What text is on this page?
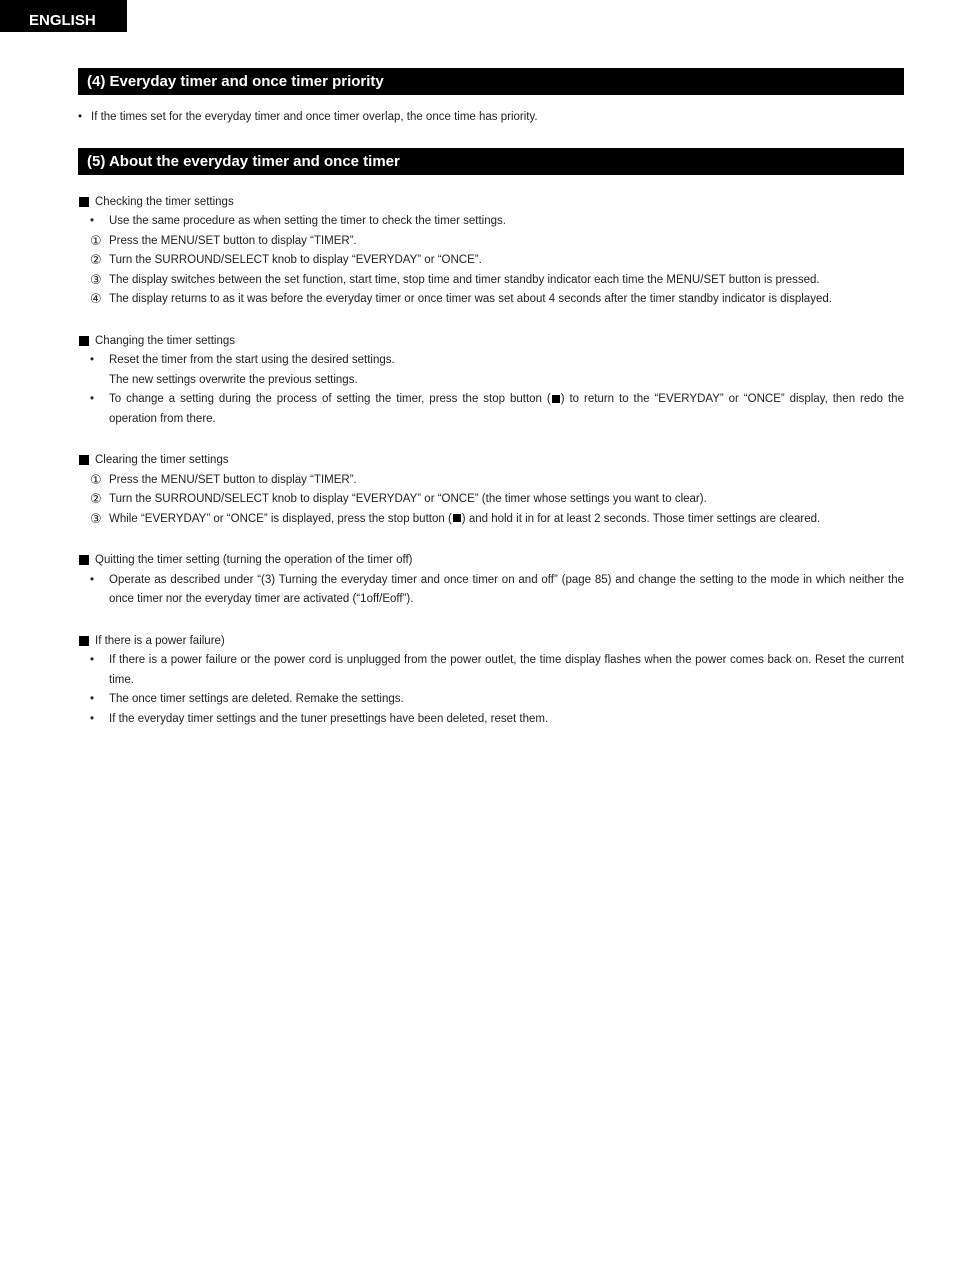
ENGLISH
(4) Everyday timer and once timer priority
• If the times set for the everyday timer and once timer overlap, the once time has priority.
(5) About the everyday timer and once timer
Checking the timer settings
• Use the same procedure as when setting the timer to check the timer settings.
① Press the MENU/SET button to display “TIMER”.
② Turn the SURROUND/SELECT knob to display “EVERYDAY” or “ONCE”.
③ The display switches between the set function, start time, stop time and timer standby indicator each time the MENU/SET button is pressed.
④ The display returns to as it was before the everyday timer or once timer was set about 4 seconds after the timer standby indicator is displayed.
Changing the timer settings
• Reset the timer from the start using the desired settings.
The new settings overwrite the previous settings.
• To change a setting during the process of setting the timer, press the stop button ( ) to return to the “EVERYDAY” or “ONCE” display, then redo the operation from there.
Clearing the timer settings
① Press the MENU/SET button to display “TIMER”.
② Turn the SURROUND/SELECT knob to display “EVERYDAY” or “ONCE” (the timer whose settings you want to clear).
③ While “EVERYDAY” or “ONCE” is displayed, press the stop button ( ) and hold it in for at least 2 seconds. Those timer settings are cleared.
Quitting the timer setting (turning the operation of the timer off)
• Operate as described under “(3) Turning the everyday timer and once timer on and off” (page 85) and change the setting to the mode in which neither the once timer nor the everyday timer are activated (“1off/Eoff”).
If there is a power failure)
• If there is a power failure or the power cord is unplugged from the power outlet, the time display flashes when the power comes back on. Reset the current time.
• The once timer settings are deleted. Remake the settings.
• If the everyday timer settings and the tuner presettings have been deleted, reset them.
